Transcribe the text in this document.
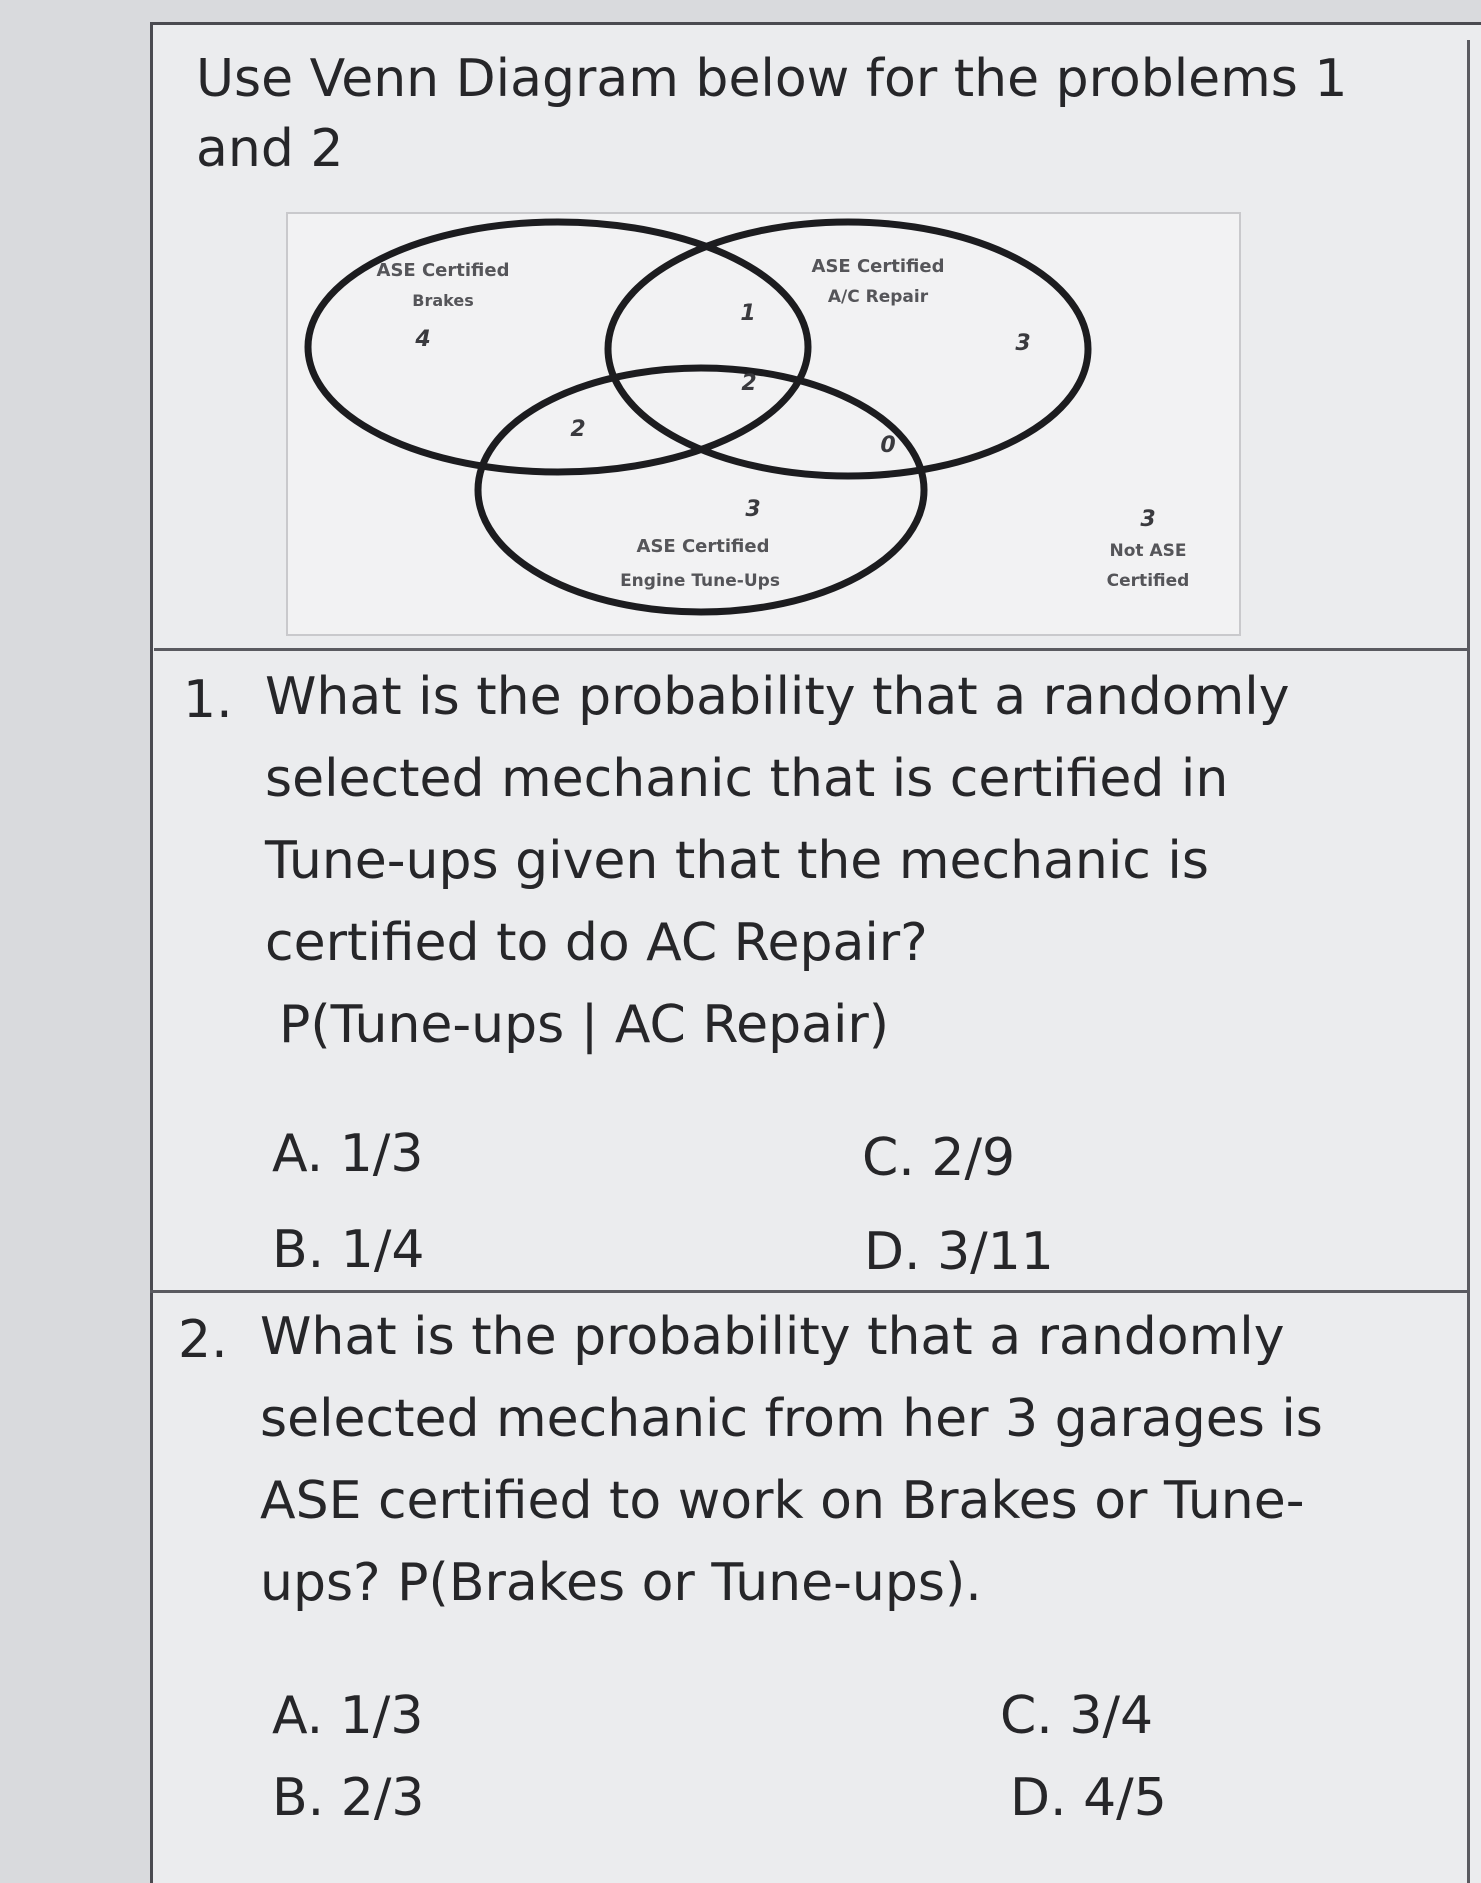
Use Venn Diagram below for the problems 1
and 2
ASE Certified
Brakes
ASE Certified
A/C Repair
ASE Certified
Engine Tune-Ups
Not ASE
Certified
4
1
3
2
2
0
3	3
1. What is the probability that a randomly
selected mechanic that is certified in
Tune-ups given that the mechanic is
certified to do AC Repair?
P(Tune-ups | AC Repair)
A. 1/3	C. 2/9
B. 1/4	D. 3/11
2. What is the probability that a randomly
selected mechanic from her 3 garages is
ASE certified to work on Brakes or Tune-
ups? P(Brakes or Tune-ups).
A. 1/3	C. 3/4
B. 2/3	D. 4/5
